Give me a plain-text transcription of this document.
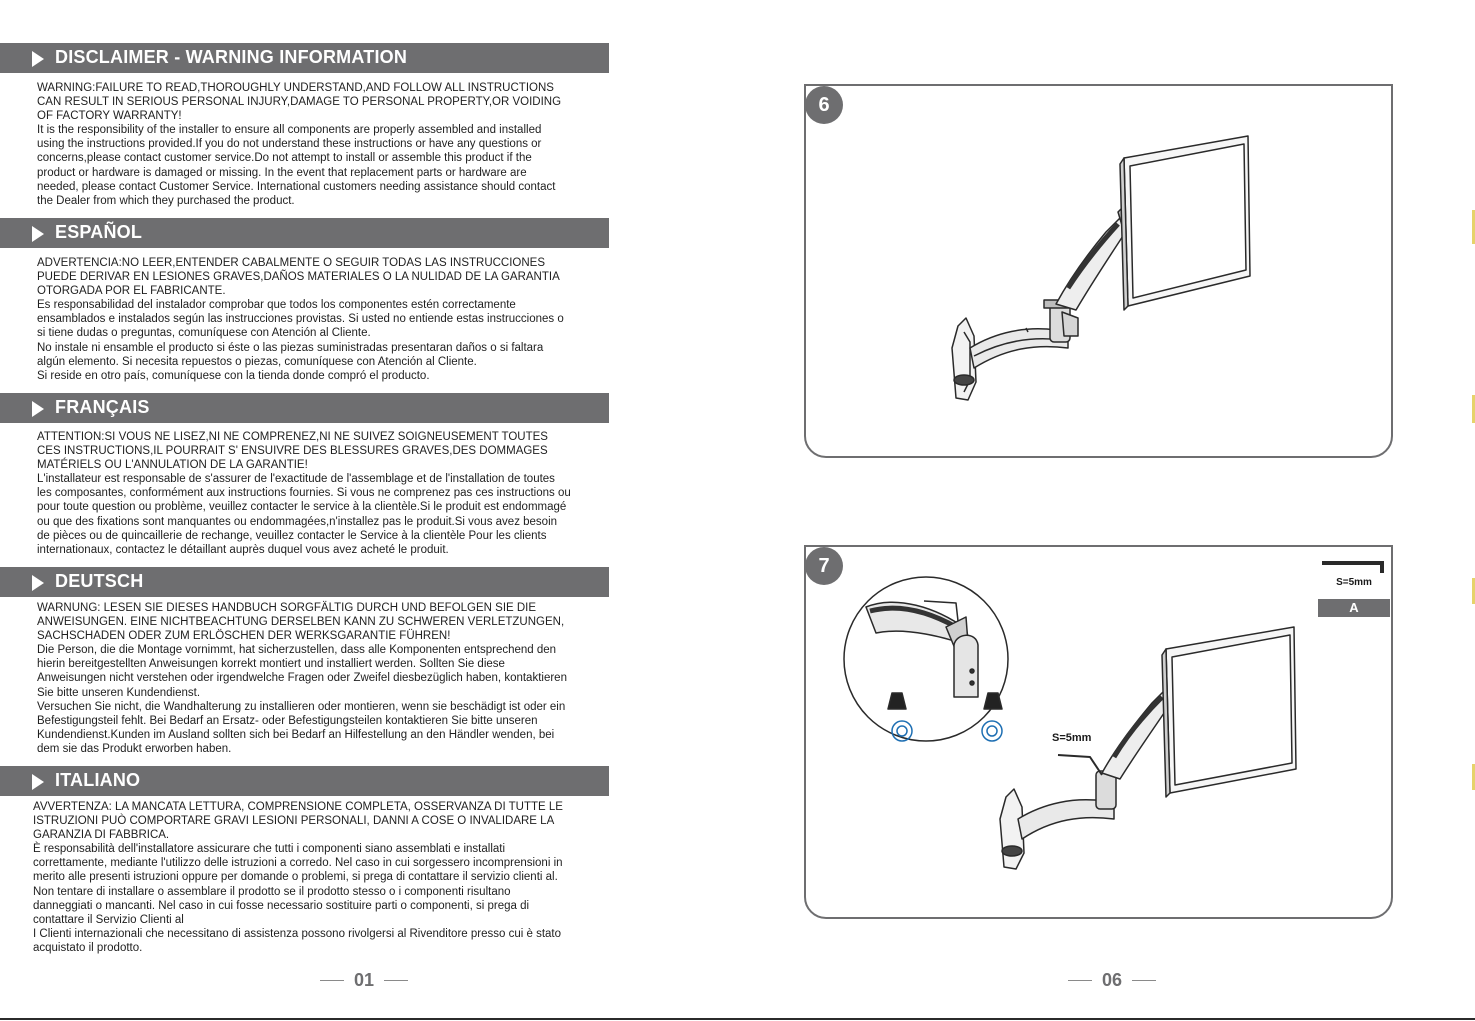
DISCLAIMER - WARNING INFORMATION
WARNING:FAILURE TO READ,THOROUGHLY UNDERSTAND,AND FOLLOW ALL INSTRUCTIONS
CAN RESULT IN SERIOUS PERSONAL INJURY,DAMAGE TO PERSONAL PROPERTY,OR VOIDING
OF FACTORY WARRANTY!
It is the responsibility of the installer to ensure all components are properly assembled and installed
using the instructions provided.If you do not understand these instructions or have any questions or
concerns,please contact customer service.Do not attempt to install or assemble this product if the
product or hardware is damaged or missing. In the event that replacement parts or hardware are
needed, please contact Customer Service. International customers needing assistance should contact
the Dealer from which they purchased the product.
ESPAÑOL
ADVERTENCIA:NO LEER,ENTENDER CABALMENTE O SEGUIR TODAS LAS INSTRUCCIONES
PUEDE DERIVAR EN LESIONES GRAVES,DAÑOS MATERIALES O LA NULIDAD DE LA GARANTIA
OTORGADA POR EL FABRICANTE.
Es responsabilidad del instalador comprobar que todos los componentes estén correctamente
ensamblados e instalados según las instrucciones provistas. Si usted no entiende estas instrucciones o
si tiene dudas o preguntas, comuníquese con Atención al Cliente.
No instale ni ensamble el producto si éste o las piezas suministradas presentaran daños o si faltara
algún elemento. Si necesita repuestos o piezas, comuníquese con Atención al Cliente.
Si reside en otro país, comuníquese con la tienda donde compró el producto.
FRANÇAIS
ATTENTION:SI VOUS NE LISEZ,NI NE COMPRENEZ,NI NE SUIVEZ SOIGNEUSEMENT TOUTES
CES INSTRUCTIONS,IL POURRAIT S' ENSUIVRE DES BLESSURES GRAVES,DES DOMMAGES
MATÉRIELS OU L'ANNULATION DE LA GARANTIE!
L'installateur est responsable de s'assurer de l'exactitude de l'assemblage et de l'installation de toutes
les composantes, conformément aux instructions fournies. Si vous ne comprenez pas ces instructions ou
pour toute question ou problème, veuillez contacter le service à la clientèle.Si le produit est endommagé
ou que des fixations sont manquantes ou endommagées,n'installez pas le produit.Si vous avez besoin
de pièces ou de quincaillerie de rechange, veuillez contacter le Service à la clientèle Pour les clients
internationaux, contactez le détaillant auprès duquel vous avez acheté le produit.
DEUTSCH
WARNUNG: LESEN SIE DIESES HANDBUCH SORGFÄLTIG DURCH UND BEFOLGEN SIE DIE
ANWEISUNGEN. EINE NICHTBEACHTUNG DERSELBEN KANN ZU SCHWEREN VERLETZUNGEN,
SACHSCHADEN ODER ZUM ERLÖSCHEN DER WERKSGARANTIE FÜHREN!
Die Person, die die Montage vornimmt, hat sicherzustellen, dass alle Komponenten entsprechend den
hierin bereitgestellten Anweisungen korrekt montiert und installiert werden. Sollten Sie diese
Anweisungen nicht verstehen oder irgendwelche Fragen oder Zweifel diesbezüglich haben, kontaktieren
Sie bitte unseren Kundendienst.
Versuchen Sie nicht, die Wandhalterung zu installieren oder montieren, wenn sie beschädigt ist oder ein
Befestigungsteil fehlt. Bei Bedarf an Ersatz- oder Befestigungsteilen kontaktieren Sie bitte unseren
Kundendienst.Kunden im Ausland sollten sich bei Bedarf an Hilfestellung an den Händler wenden, bei
dem sie das Produkt erworben haben.
ITALIANO
AVVERTENZA: LA MANCATA LETTURA, COMPRENSIONE COMPLETA, OSSERVANZA DI TUTTE LE
ISTRUZIONI PUÒ COMPORTARE GRAVI LESIONI PERSONALI, DANNI A COSE O INVALIDARE LA
GARANZIA DI FABBRICA.
È responsabilità dell'installatore assicurare che tutti i componenti siano assemblati e installati
correttamente, mediante l'utilizzo delle istruzioni a corredo. Nel caso in cui sorgessero incomprensioni in
merito alle presenti istruzioni oppure per domande o problemi, si prega di contattare il servizio clienti al.
Non tentare di installare o assemblare il prodotto se il prodotto stesso o i componenti risultano
danneggiati o mancanti. Nel caso in cui fosse necessario sostituire parti o componenti, si prega di
contattare il Servizio Clienti al
I Clienti internazionali che necessitano di assistenza possono rivolgersi al Rivenditore presso cui è stato
acquistato il prodotto.
01
6
7
S=5mm
A
S=5mm
06
